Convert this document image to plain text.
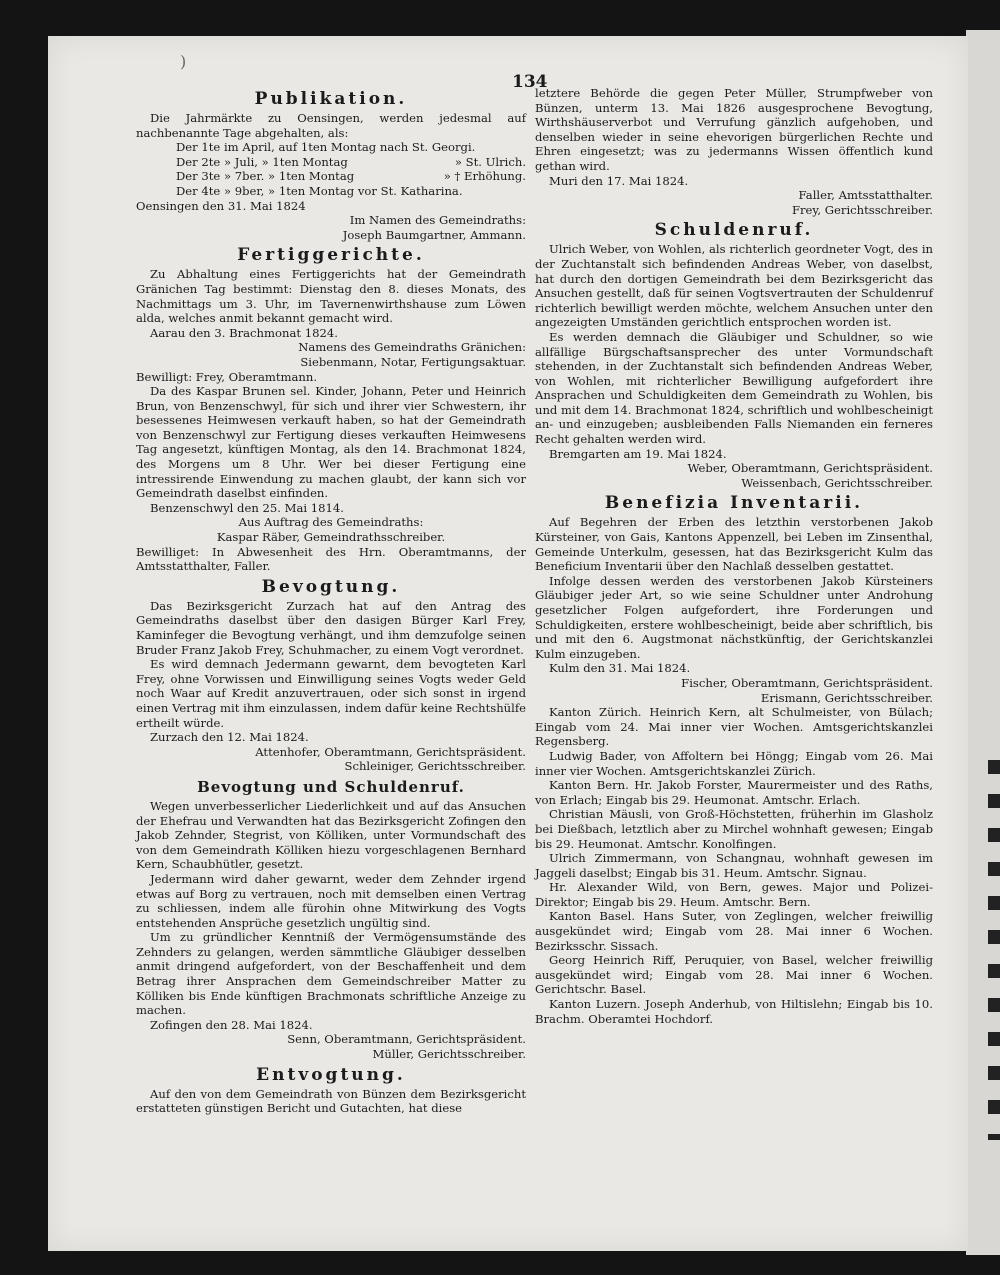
)
134
Publikation.

Die Jahrmärkte zu Oensingen, werden jedesmal auf nachbenannte Tage abgehalten, als:

Der 1te im April, auf 1ten Montag nach St. Georgi.
Der 2te » Juli, » 1ten Montag	» St. Ulrich.
Der 3te » 7ber. » 1ten Montag	» † Erhöhung.
Der 4te » 9ber, » 1ten Montag vor St. Katharina.

Oensingen den 31. Mai 1824

Im Namen des Gemeindraths:
Joseph Baumgartner, Ammann.
Fertiggerichte.

Zu Abhaltung eines Fertiggerichts hat der Gemeindrath Gränichen Tag bestimmt: Dienstag den 8. dieses Monats, des Nachmittags um 3. Uhr, im Tavernenwirthshause zum Löwen alda, welches anmit bekannt gemacht wird.

Aarau den 3. Brachmonat 1824.

Namens des Gemeindraths Gränichen:
Siebenmann, Notar, Fertigungsaktuar.

Bewilligt: Frey, Oberamtmann.

Da des Kaspar Brunen sel. Kinder, Johann, Peter und Heinrich Brun, von Benzenschwyl, für sich und ihrer vier Schwestern, ihr besessenes Heimwesen verkauft haben, so hat der Gemeindrath von Benzenschwyl zur Fertigung dieses verkauften Heimwesens Tag angesetzt, künftigen Montag, als den 14. Brachmonat 1824, des Morgens um 8 Uhr. Wer bei dieser Fertigung eine intressirende Einwendung zu machen glaubt, der kann sich vor Gemeindrath daselbst einfinden.

Benzenschwyl den 25. Mai 1814.

Aus Auftrag des Gemeindraths:
Kaspar Räber, Gemeindrathsschreiber.

Bewilliget: In Abwesenheit des Hrn. Oberamtmanns, der Amtsstatthalter, Faller.

Bevogtung.

Das Bezirksgericht Zurzach hat auf den Antrag des Gemeindraths daselbst über den dasigen Bürger Karl Frey, Kaminfeger die Bevogtung verhängt, und ihm demzufolge seinen Bruder Franz Jakob Frey, Schuhmacher, zu einem Vogt verordnet.

Es wird demnach Jedermann gewarnt, dem bevogteten Karl Frey, ohne Vorwissen und Einwilligung seines Vogts weder Geld noch Waar auf Kredit anzuvertrauen, oder sich sonst in irgend einen Vertrag mit ihm einzulassen, indem dafür keine Rechtshülfe ertheilt würde.

Zurzach den 12. Mai 1824.

Attenhofer, Oberamtmann, Gerichtspräsident.
Schleiniger, Gerichtsschreiber.
Bevogtung und Schuldenruf.

Wegen unverbesserlicher Liederlichkeit und auf das Ansuchen der Ehefrau und Verwandten hat das Bezirksgericht Zofingen den Jakob Zehnder, Stegrist, von Kölliken, unter Vormundschaft des von dem Gemeindrath Kölliken hiezu vorgeschlagenen Bernhard Kern, Schaubhütler, gesetzt.

Jedermann wird daher gewarnt, weder dem Zehnder irgend etwas auf Borg zu vertrauen, noch mit demselben einen Vertrag zu schliessen, indem alle fürohin ohne Mitwirkung des Vogts entstehenden Ansprüche gesetzlich ungültig sind.

Um zu gründlicher Kenntniß der Vermögensumstände des Zehnders zu gelangen, werden sämmtliche Gläubiger desselben anmit dringend aufgefordert, von der Beschaffenheit und dem Betrag ihrer Ansprachen dem Gemeindschreiber Matter zu Kölliken bis Ende künftigen Brachmonats schriftliche Anzeige zu machen.

Zofingen den 28. Mai 1824.

Senn, Oberamtmann, Gerichtspräsident.
Müller, Gerichtsschreiber.
Entvogtung.

Auf den von dem Gemeindrath von Bünzen dem Bezirksgericht erstatteten günstigen Bericht und Gutachten, hat diese

letztere Behörde die gegen Peter Müller, Strumpfweber von Bünzen, unterm 13. Mai 1826 ausgesprochene Bevogtung, Wirthshäuserverbot und Verrufung gänzlich aufgehoben, und denselben wieder in seine ehevorigen bürgerlichen Rechte und Ehren eingesetzt; was zu jedermanns Wissen öffentlich kund gethan wird.

Muri den 17. Mai 1824.

Faller, Amtsstatthalter.
Frey, Gerichtsschreiber.
Schuldenruf.

Ulrich Weber, von Wohlen, als richterlich geordneter Vogt, des in der Zuchtanstalt sich befindenden Andreas Weber, von daselbst, hat durch den dortigen Gemeindrath bei dem Bezirksgericht das Ansuchen gestellt, daß für seinen Vogtsvertrauten der Schuldenruf richterlich bewilligt werden möchte, welchem Ansuchen unter den angezeigten Umständen gerichtlich entsprochen worden ist.

Es werden demnach die Gläubiger und Schuldner, so wie allfällige Bürgschaftsansprecher des unter Vormundschaft stehenden, in der Zuchtanstalt sich befindenden Andreas Weber, von Wohlen, mit richterlicher Bewilligung aufgefordert ihre Ansprachen und Schuldigkeiten dem Gemeindrath zu Wohlen, bis und mit dem 14. Brachmonat 1824, schriftlich und wohlbescheinigt an- und einzugeben; ausbleibenden Falls Niemanden ein ferneres Recht gehalten werden wird.

Bremgarten am 19. Mai 1824.

Weber, Oberamtmann, Gerichtspräsident.
Weissenbach, Gerichtsschreiber.
Benefizia Inventarii.

Auf Begehren der Erben des letzthin verstorbenen Jakob Kürsteiner, von Gais, Kantons Appenzell, bei Leben im Zinsenthal, Gemeinde Unterkulm, gesessen, hat das Bezirksgericht Kulm das Beneficium Inventarii über den Nachlaß desselben gestattet.

Infolge dessen werden des verstorbenen Jakob Kürsteiners Gläubiger jeder Art, so wie seine Schuldner unter Androhung gesetzlicher Folgen aufgefordert, ihre Forderungen und Schuldigkeiten, erstere wohlbescheinigt, beide aber schriftlich, bis und mit den 6. Augstmonat nächstkünftig, der Gerichtskanzlei Kulm einzugeben.

Kulm den 31. Mai 1824.

Fischer, Oberamtmann, Gerichtspräsident.
Erismann, Gerichtsschreiber.

Kanton Zürich. Heinrich Kern, alt Schulmeister, von Bülach; Eingab vom 24. Mai inner vier Wochen. Amtsgerichtskanzlei Regensberg.

Ludwig Bader, von Affoltern bei Höngg; Eingab vom 26. Mai inner vier Wochen. Amtsgerichtskanzlei Zürich.

Kanton Bern. Hr. Jakob Forster, Maurermeister und des Raths, von Erlach; Eingab bis 29. Heumonat. Amtschr. Erlach.

Christian Mäusli, von Groß-Höchstetten, früherhin im Glasholz bei Dießbach, letztlich aber zu Mirchel wohnhaft gewesen; Eingab bis 29. Heumonat. Amtschr. Konolfingen.

Ulrich Zimmermann, von Schangnau, wohnhaft gewesen im Jaggeli daselbst; Eingab bis 31. Heum. Amtschr. Signau.

Hr. Alexander Wild, von Bern, gewes. Major und Polizei-Direktor; Eingab bis 29. Heum. Amtschr. Bern.

Kanton Basel. Hans Suter, von Zeglingen, welcher freiwillig ausgekündet wird; Eingab vom 28. Mai inner 6 Wochen. Bezirksschr. Sissach.

Georg Heinrich Riff, Peruquier, von Basel, welcher freiwillig ausgekündet wird; Eingab vom 28. Mai inner 6 Wochen. Gerichtschr. Basel.

Kanton Luzern. Joseph Anderhub, von Hiltislehn; Eingab bis 10. Brachm. Oberamtei Hochdorf.
